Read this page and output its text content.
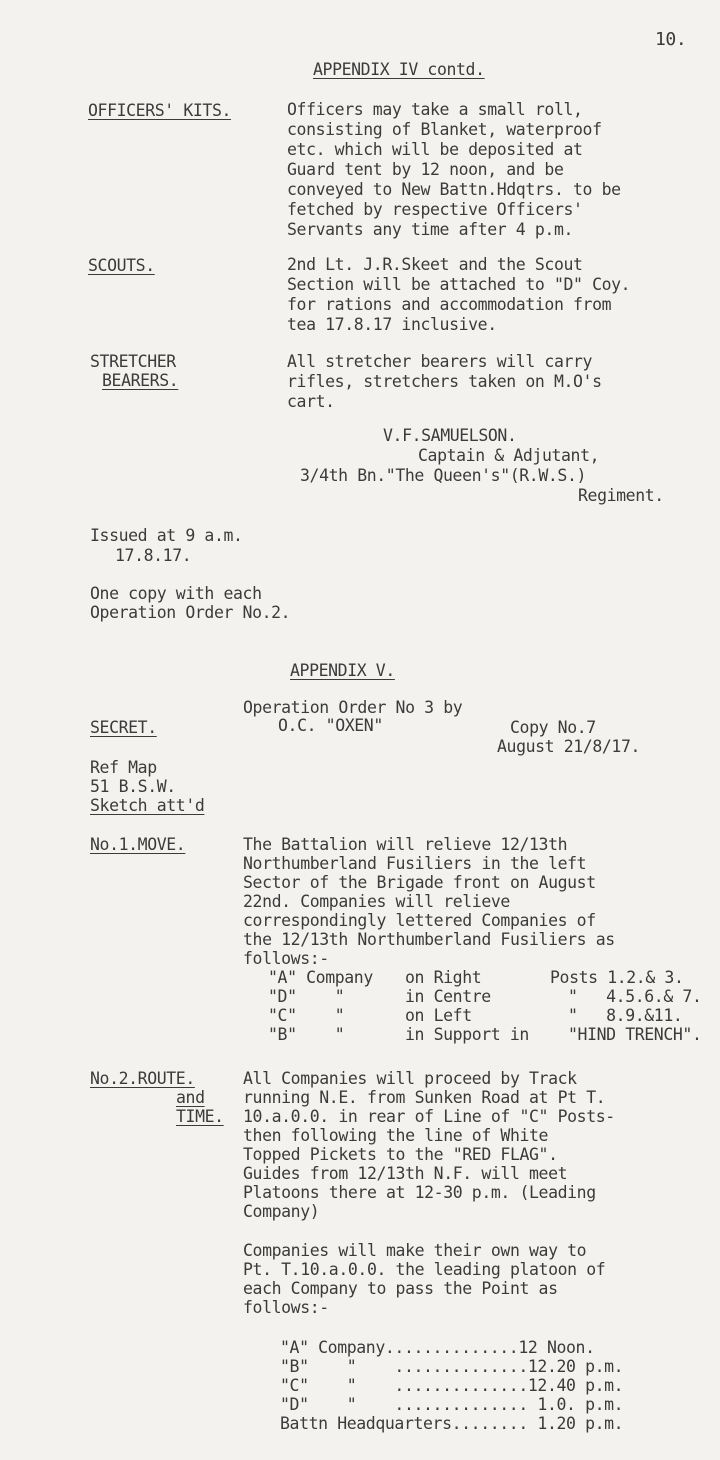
10.
APPENDIX IV contd.
OFFICERS' KITS.	Officers may take a small roll,
consisting of Blanket, waterproof
etc. which will be deposited at
Guard tent by 12 noon, and be
conveyed to New Battn.Hdqtrs. to be
fetched by respective Officers'
Servants any time after 4 p.m.
SCOUTS.	2nd Lt. J.R.Skeet and the Scout
Section will be attached to "D" Coy.
for rations and accommodation from
tea 17.8.17 inclusive.
STRETCHER
BEARERS.
All stretcher bearers will carry
rifles, stretchers taken on M.O's
cart.
V.F.SAMUELSON.
Captain & Adjutant,
3/4th Bn."The Queen's"(R.W.S.)
Regiment.
Issued at 9 a.m.
17.8.17.
One copy with each
Operation Order No.2.
APPENDIX V.
Operation Order No 3 by
SECRET.	O.C. "OXEN"	Copy No.7
August 21/8/17.
Ref Map
51 B.S.W.
Sketch att'd
No.1.MOVE.	The Battalion will relieve 12/13th
Northumberland Fusiliers in the left
Sector of the Brigade front on August
22nd. Companies will relieve
correspondingly lettered Companies of
the 12/13th Northumberland Fusiliers as
follows:-
"A" Company on Right	Posts 1.2.& 3.
"D"    "	in Centre	"   4.5.6.& 7.
"C"    "	on Left	"   8.9.&11.
"B"    "	in Support in "HIND TRENCH".
No.2.ROUTE.
and
TIME.
All Companies will proceed by Track
running N.E. from Sunken Road at Pt T.
10.a.0.0. in rear of Line of "C" Posts-
then following the line of White
Topped Pickets to the "RED FLAG".
Guides from 12/13th N.F. will meet
Platoons there at 12-30 p.m. (Leading
Company)
Companies will make their own way to
Pt. T.10.a.0.0. the leading platoon of
each Company to pass the Point as
follows:-
"A" Company..............12 Noon.
"B"    "    ..............12.20 p.m.
"C"    "    ..............12.40 p.m.
"D"    "    .............. 1.0. p.m.
Battn Headquarters........ 1.20 p.m.
